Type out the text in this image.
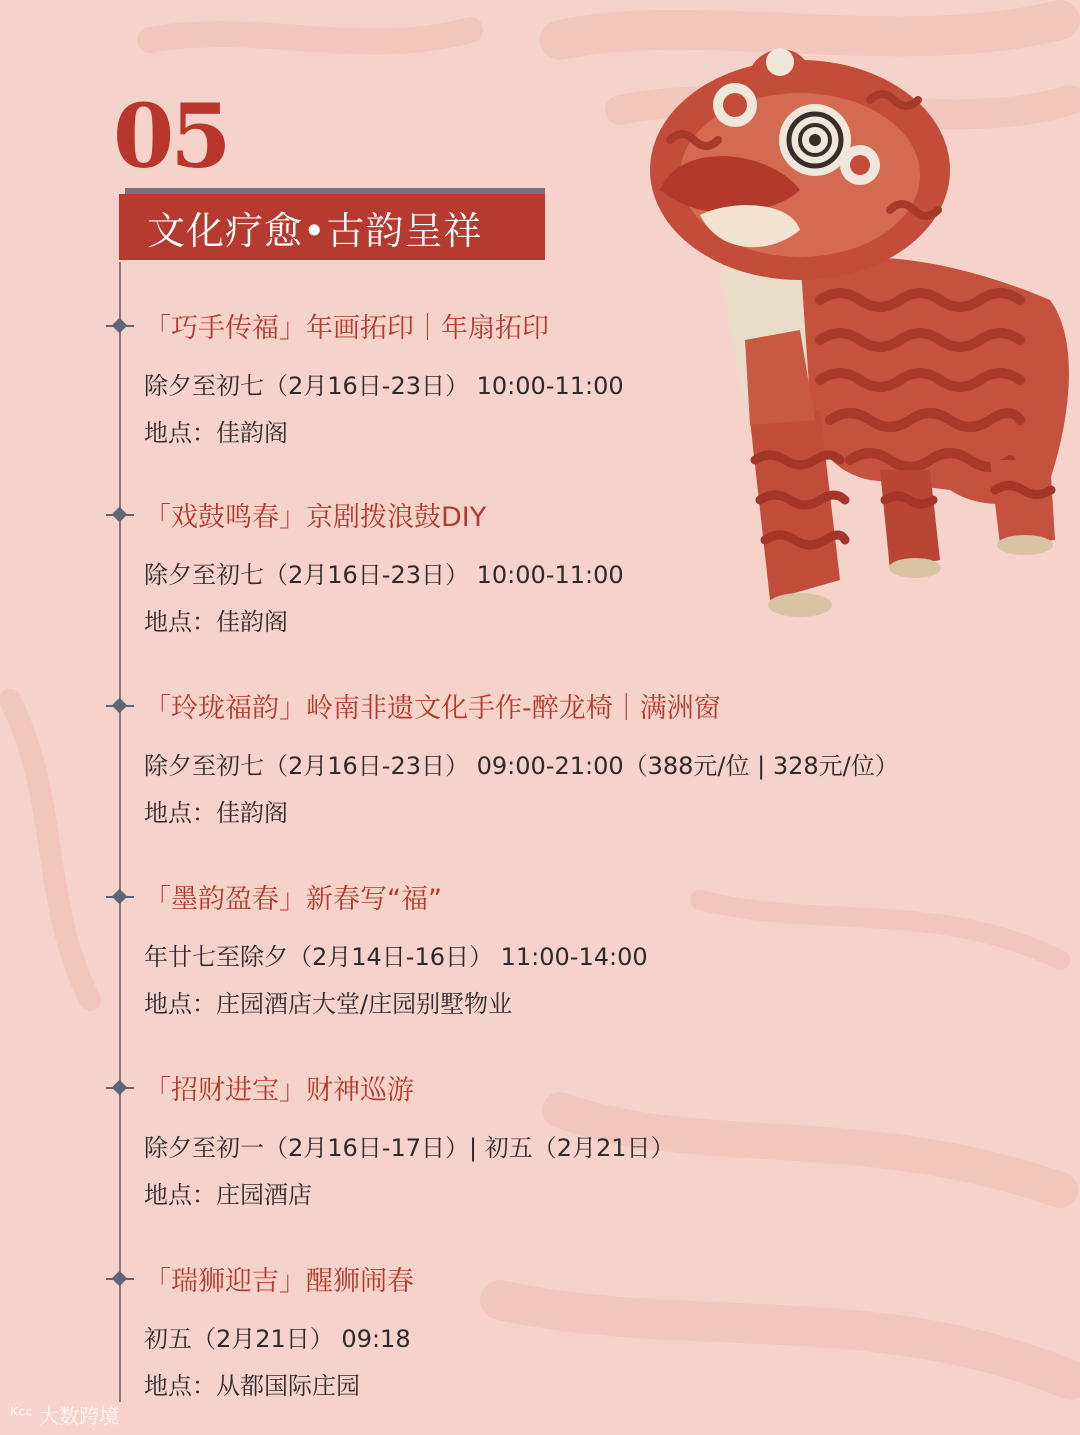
05
文化疗愈•古韵呈祥
「巧手传福」年画拓印｜年扇拓印
除夕至初七（2月16日-23日） 10:00-11:00
地点：佳韵阁
「戏鼓鸣春」京剧拨浪鼓DIY
除夕至初七（2月16日-23日） 10:00-11:00
地点：佳韵阁
「玲珑福韵」岭南非遗文化手作-醉龙椅｜满洲窗
除夕至初七（2月16日-23日） 09:00-21:00（388元/位 | 328元/位）
地点：佳韵阁
「墨韵盈春」新春写“福”
年廿七至除夕（2月14日-16日） 11:00-14:00
地点：庄园酒店大堂/庄园别墅物业
「招财进宝」财神巡游
除夕至初一（2月16日-17日）| 初五（2月21日）
地点：庄园酒店
「瑞狮迎吉」醒狮闹春
初五（2月21日） 09:18
地点：从都国际庄园
ᴷᶜᶜ 大数跨境
